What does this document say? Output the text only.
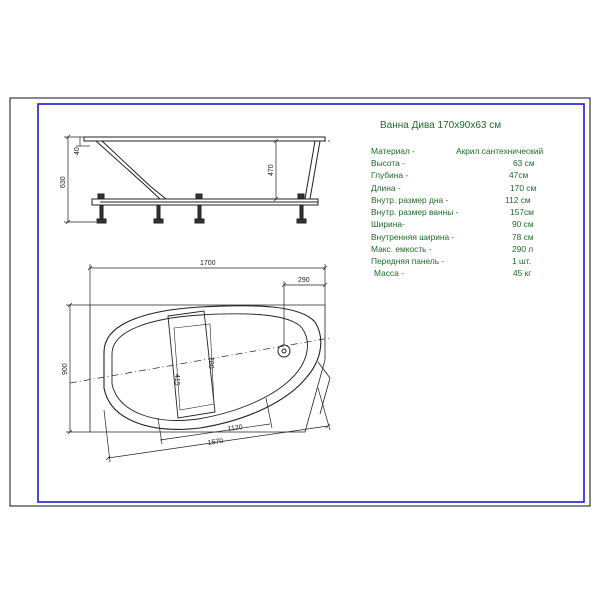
630
40
470
1700
290
900
1120
1570
415
780
Ванна Дива 170х90х63 см
Материал -	Акрил сантехнический
Высота -	63 см
Глубина -	47см
Длина -	170 см
Внутр. размер дна -	112 см
Внутр. размер ванны -	157см
Ширина-	90 см
Внутренняя ширина -	78 см
Макс. емкость -	290 л
Передняя панель -	1 шт.
Масса -	45 кг
